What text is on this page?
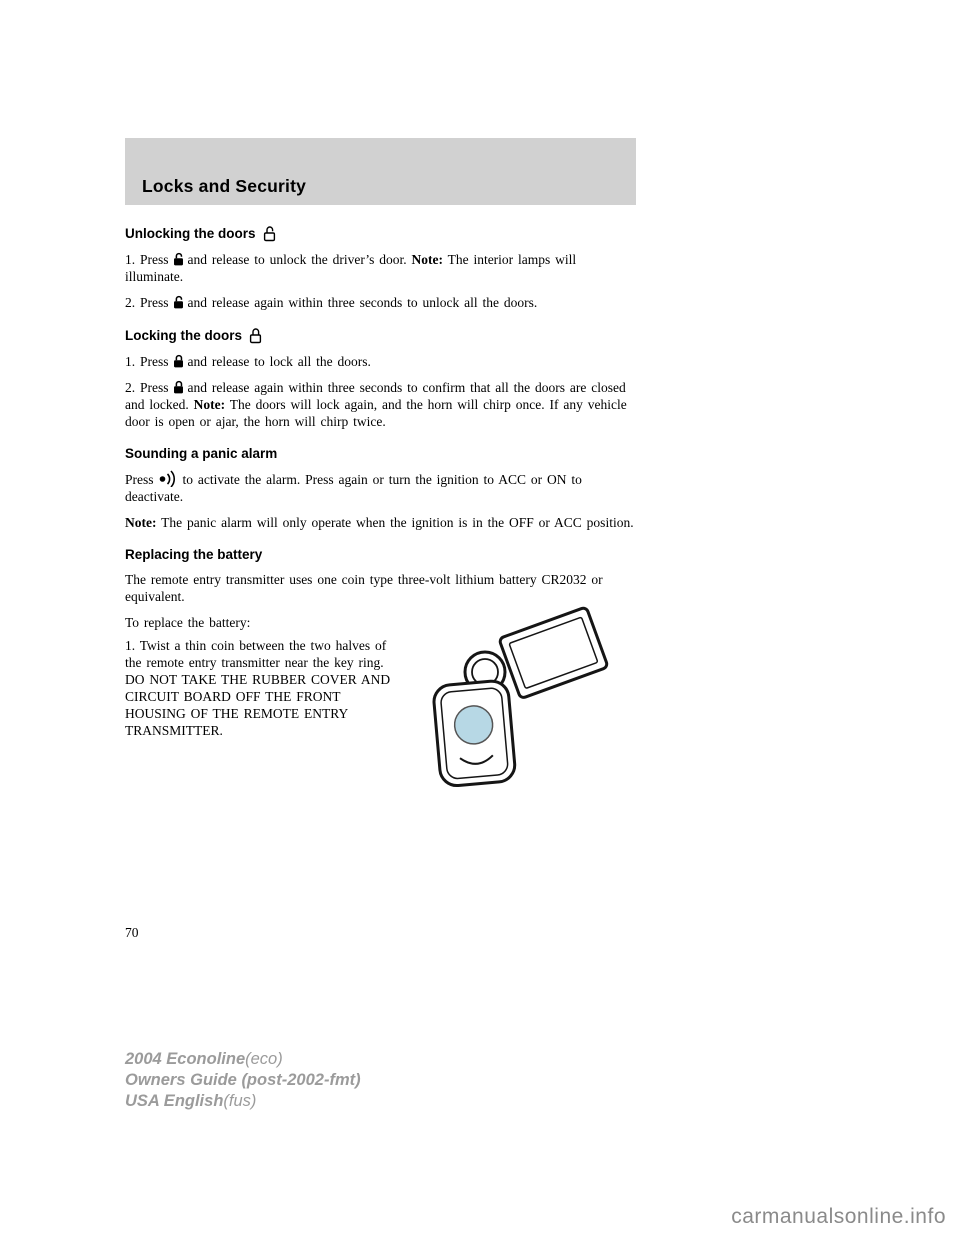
Locks and Security
Unlocking the doors

1. Press and release to unlock the driver’s door. Note: The interior lamps will illuminate.

2. Press and release again within three seconds to unlock all the doors.

Locking the doors

1. Press and release to lock all the doors.

2. Press and release again within three seconds to confirm that all the doors are closed and locked. Note: The doors will lock again, and the horn will chirp once. If any vehicle door is open or ajar, the horn will chirp twice.

Sounding a panic alarm

Press to activate the alarm. Press again or turn the ignition to ACC or ON to deactivate.

Note: The panic alarm will only operate when the ignition is in the OFF or ACC position.

Replacing the battery

The remote entry transmitter uses one coin type three-volt lithium battery CR2032 or equivalent.

To replace the battery:

1. Twist a thin coin between the two halves of the remote entry transmitter near the key ring. DO NOT TAKE THE RUBBER COVER AND CIRCUIT BOARD OFF THE FRONT HOUSING OF THE REMOTE ENTRY TRANSMITTER.

70
2004 Econoline(eco)
Owners Guide (post-2002-fmt)
USA English(fus)
carmanualsonline.info
